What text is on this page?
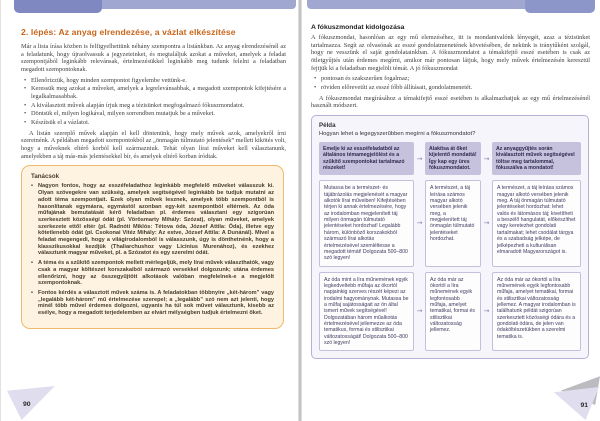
2. lépés: Az anyag elrendezése, a vázlat elkészítése

Már a lista írása közben is felfigyelhettünk néhány szempontra a listánkban. Az anyag elrendezésénél az a feladatunk, hogy újraolvassuk a jegyzeteinket, és megtaláljuk azokat a műveket, amelyek a feladat szempontjából leginkább relevánsak, értelmezésükkel leginkább meg tudunk felelni a feladatban megadott szempontoknak.

• Ellenőrizzük, hogy minden szempontot figyelembe vettünk-e.
• Keressük meg azokat a műveket, amelyek a legrelevánsabbak, a megadott szempontok kifejtésére a legalkalmasabbak.
• A kiválasztott művek alapján írjuk meg a tézisünket megfogalmazó fókuszmondatot.
• Döntsük el, milyen logikával, milyen sorrendben mutatjuk be a műveket.
• Készítsük el a vázlatot.

A listán szereplő művek alapján el kell döntenünk, hogy mely művek azok, amelyekről írni szeretnénk. A példában megadott szempontokból az „önmagán túlmutató jelentések” mellett kikötés volt, hogy a műveknek eltérő korból kell származniuk. Tehát olyan lírai műveket kell választanunk, amelyekben a táj más-más jelentésekkel bír, és amelyek eltérő korban íródtak.

Tanácsok
• Nagyon fontos, hogy az esszéfeladathoz leginkább megfelelő műveket válasszuk ki. Olyan szövegekre van szükség, amelyek segítségével leginkább be tudjuk mutatni az adott téma szempontjait. Ezek olyan művek lesznek, amelyek több szempontból is hasonlítanak egymásra, egymástól azonban egy-két szempontból eltérnek. Az óda műfajának bemutatását kérő feladatban pl. érdemes választani egy szigorúan szerkesztett közösségi ódát (pl. Vörösmarty Mihály: Szózat), olyan műveket, amelyek szerkezete ettől eltér (pl. Radnóti Miklós: Tétova óda, József Attila: Óda), illetve egy kötetlenebb ódát (pl. Csokonai Vitéz Mihály: Az estve, József Attila: A Dunánál). Mivel a feladat megengedi, hogy a világirodalomból is válasszunk, úgy is dönthetnénk, hogy a klasszikusokkal kezdjük (Thaliarchushoz vagy Licinius Murenához), és ezekhez választunk magyar műveket, pl. a Szózatot és egy szerelmi ódát.
• A téma és a szűkítő szempontok mellett mérlegeljük, mely lírai művek választhatók, vagy csak a magyar költészet korszakaiból származó versekkel dolgozunk; utána érdemes ellenőrizni, hogy az összegyűjtött alkotások valóban megfelelnek-e a megjelölt szempontoknak.
• Fontos kérdés a választott művek száma is. A feladatokban többnyire „két-három” vagy „legalább két-három” mű értelmezése szerepel; a „legalább” szó nem azt jelenti, hogy minél több művel érdemes dolgozni, ugyanis ha túl sok művet választunk, kisebb az esélye, hogy a megadott terjedelemben az elvárt mélységben tudjuk értelmezni őket.
90
A fókuszmondat kidolgozása

A fókuszmondat, hasonlóan az egy mű elemzéséhez, itt is mondanivalónk lényegét, azaz a tézisünket tartalmazza. Segít az olvasónak az esszé gondolatmenetének követésében, de nekünk is iránytűként szolgál, hogy ne vesszünk el saját gondolatainkban. A fókuszmondatot a témakifejtő esszé esetében is csak az ötletgyűjtés után érdemes megírni, amikor már pontosan látjuk, hogy mely művek értelmezésén keresztül fejtjük ki a feladatban megjelölt témát. A jó fókuszmondat

• pontosan és szakszerűen fogalmaz;
• röviden előrevetíti az esszé főbb állításait, gondolatmenetét.

A fókuszmondat megírásához a témakifejtő esszé esetében is alkalmazhatjuk az egy mű értelmezésénél használt módszert.

Példa
Hogyan lehet a legegyszerűbben megírni a fókuszmondatot?
Emelje ki az esszéfeladatból az általános témamegjelölést és a szűkítő szempontokat tartalmazó részeket!
→
Alakítsa át őket kijelentő mondattá! Így kap egy üres fókuszmondatot.
→
Az anyaggyűjtés során kiválasztott művek segítségével töltse meg tartalommal, fókuszálva a mondatot!
Mutassa be a természet- és tájábrázolás megjelenését a magyar alkotók lírai műveiben! Kifejtésében térjen ki annak értelmezésére, hogy az irodalomban megjelenített táj milyen önmagán túlmutató jelentéseket hordozhat! Legalább három, különböző korszakokból származó lírai alkotás értelmezésével szemléltesse a megadott témát! Dolgozata 500–800 szó legyen!
→
A természet, a táj leírása számos magyar alkotó versében jelenik meg, a megjelenített táj önmagán túlmutató jelentéseket hordozhat.
→
A természet, a táj leírása számos magyar alkotó versében jelenik meg. A táj önmagán túlmutató jelentéseket hordozhat: lehet valós és látomásos táj; kivetítheti a beszélő hangulatát, előkészíthet vagy keretezhet gondolati tartalmakat; lehet csodálat tárgya és a szabadság jelképe, de jelképezheti a kulturálisan elmaradott Magyarországot is.
Az óda mint a líra műnemének egyik legkedveltebb műfaja az ókortól napjainkig szerves részét képezi az irodalmi hagyománynak. Mutassa be a műfaj sajátosságait az ön által ismert művek segítségével! Dolgozatában három műalkotás értelmezésével jellemezze az óda tematikus, formai és stilisztikai változatosságát! Dolgozata 500–800 szó legyen!
→
Az óda már az ókortól a líra műnemének egyik legfontosabb műfaja, amelyet tematikai, formai és stilisztikai változatosság jellemez.
→
Az óda már az ókortól a líra műnemének egyik legfontosabb műfaja, amelyet tematikai, formai és stilisztikai változatosság jellemez. A magyar irodalomban is találhatunk példát szigorúan szerkesztett közösségi ódára és a gondolati ódára, de jelen van ódaköltészetükben a szerelmi tematika is.
91
